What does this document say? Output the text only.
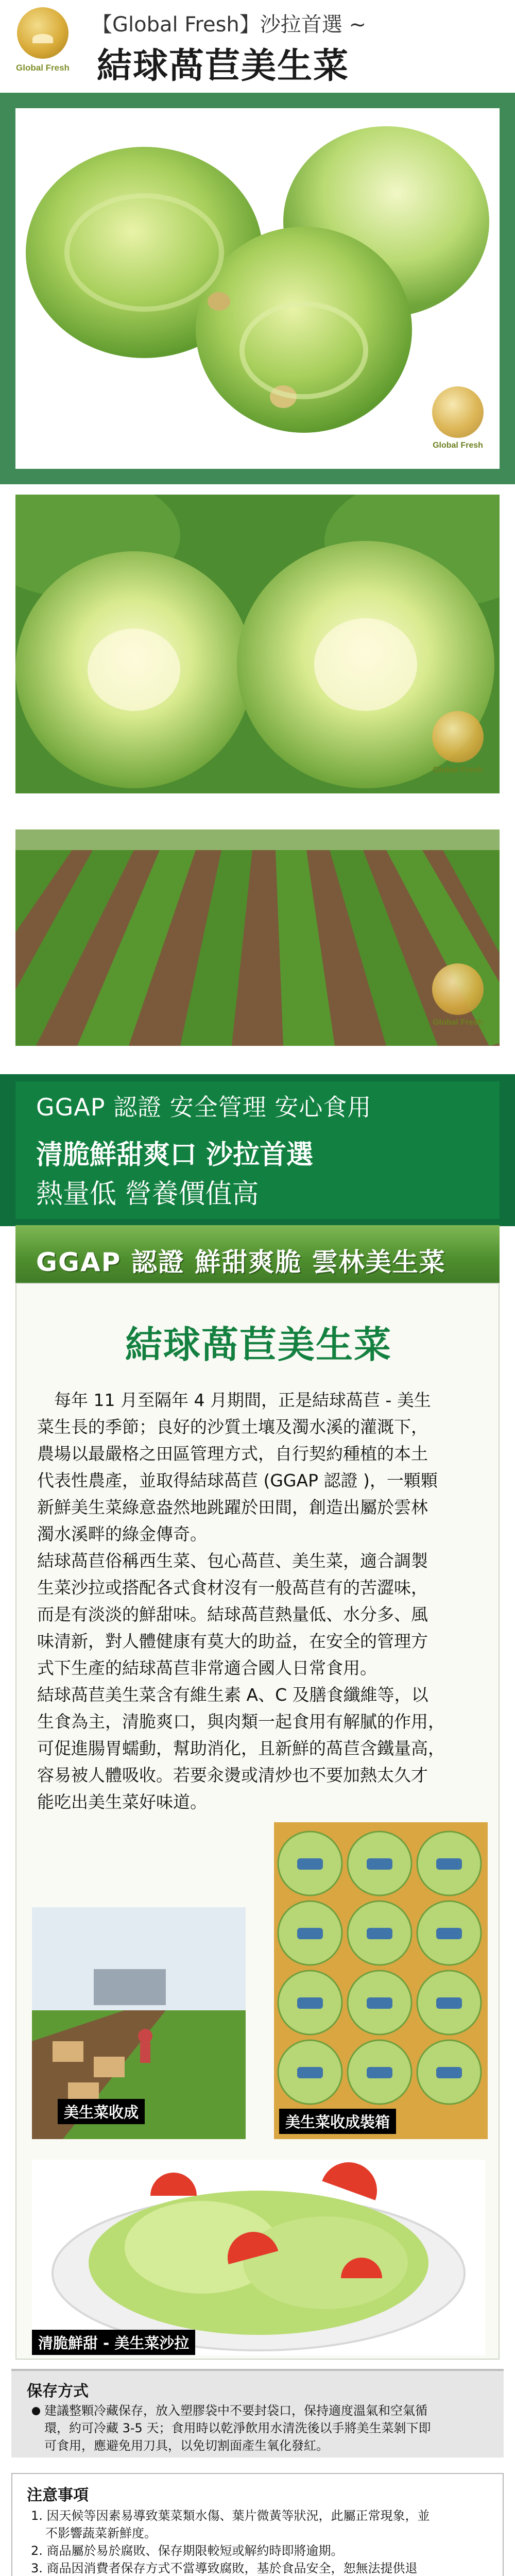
Global Fresh
【Global Fresh】沙拉首選 ~
結球萵苣美生菜
Global Fresh
Global Fresh
Global Fresh
GGAP 認證 安全管理 安心食用
清脆鮮甜爽口 沙拉首選
熱量低 營養價值高
GGAP 認證 鮮甜爽脆 雲林美生菜
結球萵苣美生菜
　每年 11 月至隔年 4 月期間，正是結球萵苣 - 美生
菜生長的季節；良好的沙質土壤及濁水溪的灌溉下，
農場以最嚴格之田區管理方式，自行契約種植的本土
代表性農產，並取得結球萵苣 (GGAP 認證 )，一顆顆
新鮮美生菜綠意盎然地跳躍於田間，創造出屬於雲林
濁水溪畔的綠金傳奇。
結球萵苣俗稱西生菜、包心萵苣、美生菜，適合調製
生菜沙拉或搭配各式食材沒有一般萵苣有的苦澀味，
而是有淡淡的鮮甜味。結球萵苣熱量低、水分多、風
味清新，對人體健康有莫大的助益，在安全的管理方
式下生產的結球萵苣非常適合國人日常食用。
結球萵苣美生菜含有維生素 A、C 及膳食纖維等，以
生食為主，清脆爽口，與肉類一起食用有解膩的作用，
可促進腸胃蠕動，幫助消化，且新鮮的萵苣含鐵量高，
容易被人體吸收。若要汆燙或清炒也不要加熱太久才
能吃出美生菜好味道。
美生菜收成
美生菜收成裝箱
清脆鮮甜 - 美生菜沙拉
保存方式
建議整顆冷藏保存，放入塑膠袋中不要封袋口，保持適度溫氣和空氣循
環，約可冷藏 3-5 天；食用時以乾淨飲用水清洗後以手將美生菜剝下即
可食用，應避免用刀具，以免切割面產生氧化發紅。
注意事項
1. 因天候等因素易導致葉菜類水傷、葉片微黃等狀況，此屬正常現象，並
不影響蔬菜新鮮度。
2. 商品屬於易於腐敗、保存期限較短或解約時即將逾期。
3. 商品因消費者保存方式不當導致腐敗，基於食品安全，恕無法提供退
